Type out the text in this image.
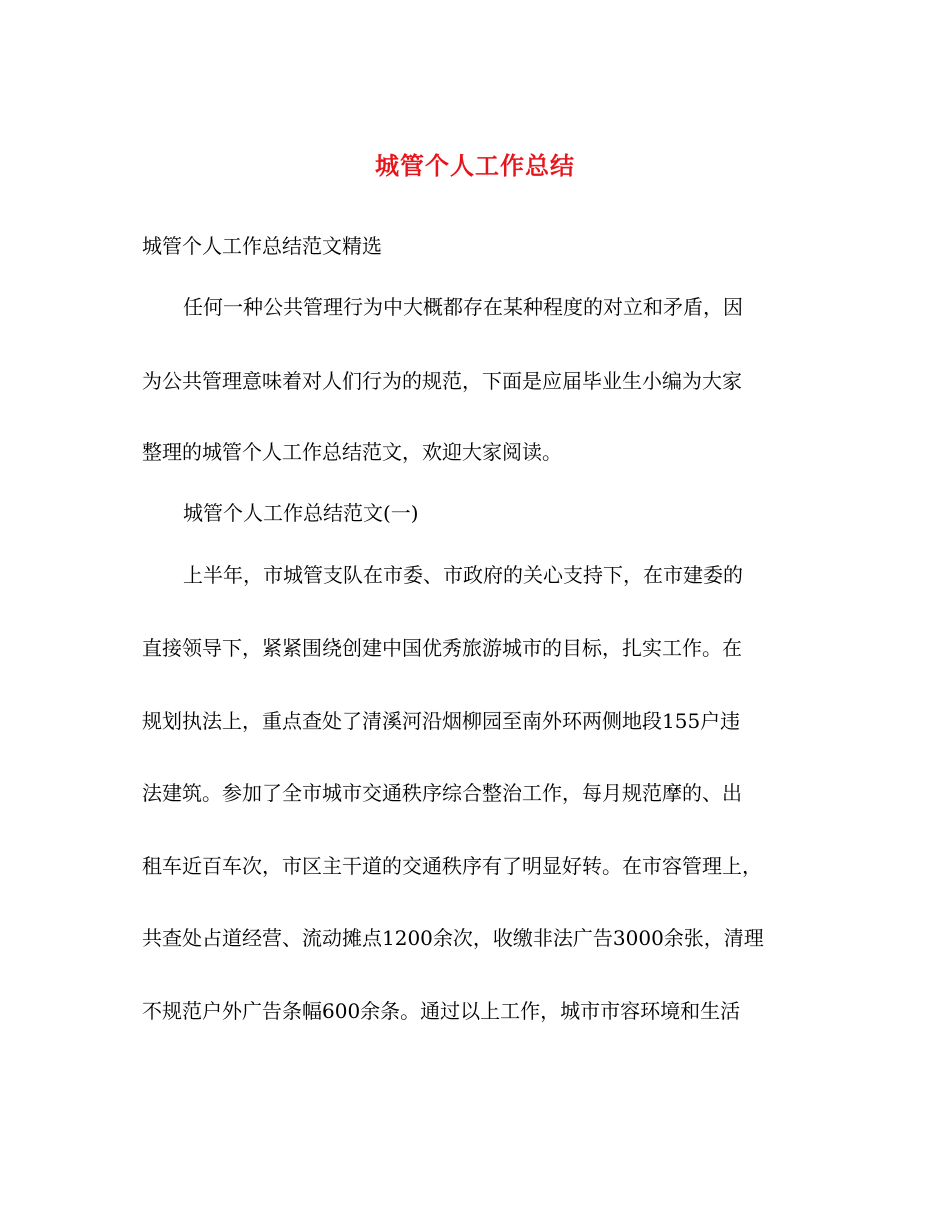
城管个人工作总结
城管个人工作总结范文精选
任何一种公共管理行为中大概都存在某种程度的对立和矛盾，因
为公共管理意味着对人们行为的规范，下面是应届毕业生小编为大家
整理的城管个人工作总结范文，欢迎大家阅读。
城管个人工作总结范文(一)
上半年，市城管支队在市委、市政府的关心支持下，在市建委的
直接领导下，紧紧围绕创建中国优秀旅游城市的目标，扎实工作。在
规划执法上，重点查处了清溪河沿烟柳园至南外环两侧地段155户违
法建筑。参加了全市城市交通秩序综合整治工作，每月规范摩的、出
租车近百车次，市区主干道的交通秩序有了明显好转。在市容管理上，
共查处占道经营、流动摊点1200余次，收缴非法广告3000余张，清理
不规范户外广告条幅600余条。通过以上工作，城市市容环境和生活
